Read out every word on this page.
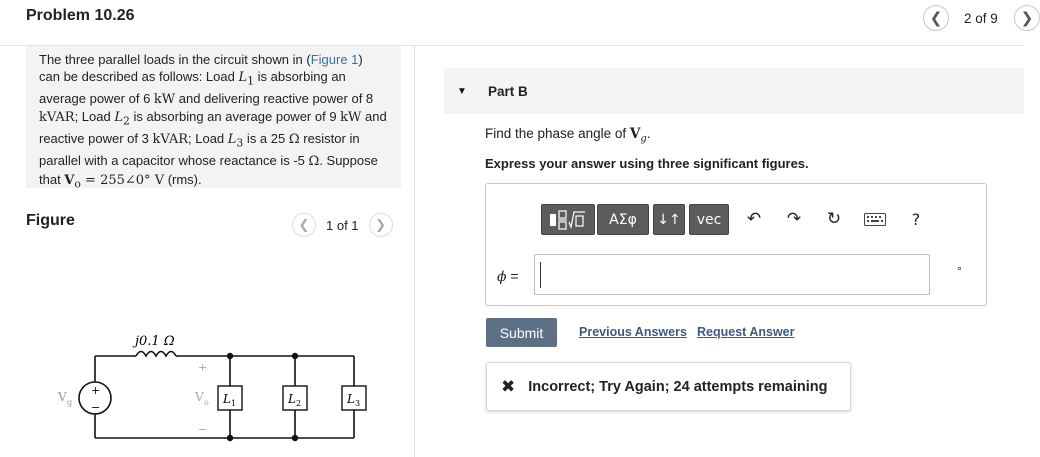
Problem 10.26	❮ 2 of 9 ❯
The three parallel loads in the circuit shown in (Figure 1) can be described as follows: Load $L_1$ is absorbing an average power of 6 kW and delivering reactive power of 8 kVAR; Load $L_2$ is absorbing an average power of 9 kW and reactive power of 3 kVAR; Load $L_3$ is a 25 Ω resistor in parallel with a capacitor whose reactance is -5 Ω. Suppose that $V_o$ = 255∠0° V (rms).
Figure	❮ 1 of 1 ❯
j0.1 Ω
+
−
V g
+
V o
−
L 1	L 2	L 3
▼ Part B
Find the phase angle of $V_g$.
Express your answer using three significant figures.
ΑΣφ	↓↑	vec	↶ ↷ ↻	?
ϕ =	°
Submit	Previous Answers Request Answer
✖ Incorrect; Try Again; 24 attempts remaining
